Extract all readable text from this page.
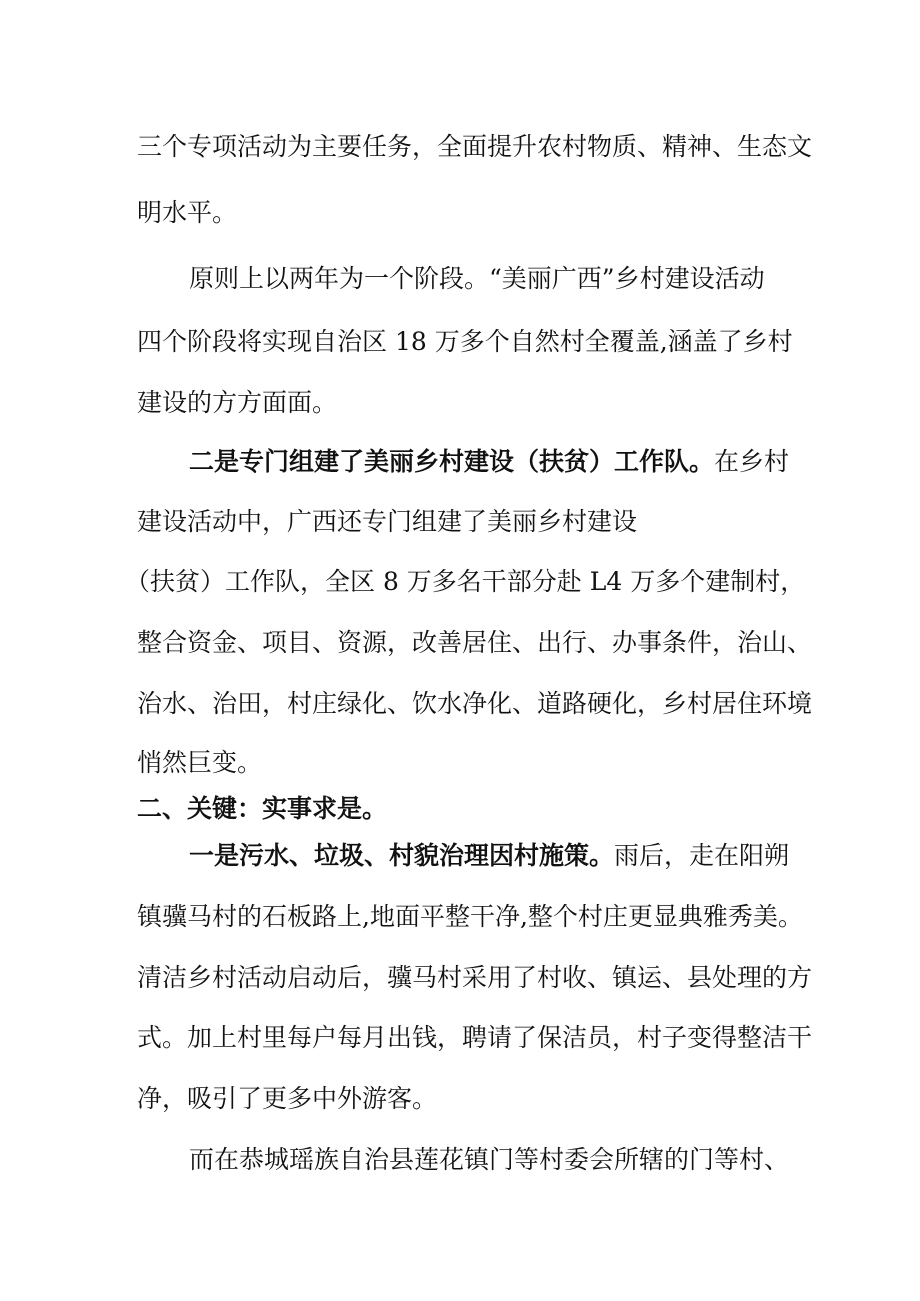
三个专项活动为主要任务，全面提升农村物质、精神、生态文
明水平。
原则上以两年为一个阶段。“美丽广西”乡村建设活动
四个阶段将实现自治区 18 万多个自然村全覆盖,涵盖了乡村
建设的方方面面。
二是专门组建了美丽乡村建设（扶贫）工作队。在乡村
建设活动中，广西还专门组建了美丽乡村建设
（扶贫）工作队，全区 8 万多名干部分赴 L4 万多个建制村，
整合资金、项目、资源，改善居住、出行、办事条件，治山、
治水、治田，村庄绿化、饮水净化、道路硬化，乡村居住环境
悄然巨变。
二、关键：实事求是。
一是污水、垃圾、村貌治理因村施策。雨后，走在阳朔
镇骥马村的石板路上,地面平整干净,整个村庄更显典雅秀美。
清洁乡村活动启动后，骥马村采用了村收、镇运、县处理的方
式。加上村里每户每月出钱，聘请了保洁员，村子变得整洁干
净，吸引了更多中外游客。
而在恭城瑶族自治县莲花镇门等村委会所辖的门等村、
